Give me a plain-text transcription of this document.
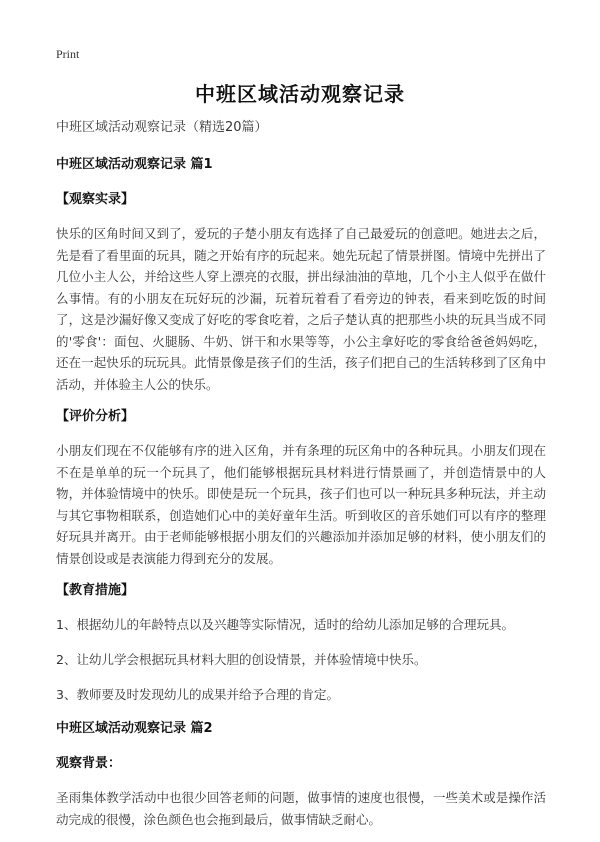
Print
中班区域活动观察记录
中班区域活动观察记录（精选20篇）
中班区域活动观察记录 篇1
【观察实录】
快乐的区角时间又到了，爱玩的子楚小朋友有选择了自己最爱玩的创意吧。她进去之后，先是看了看里面的玩具，随之开始有序的玩起来。她先玩起了情景拼图。情境中先拼出了几位小主人公，并给这些人穿上漂亮的衣服，拼出绿油油的草地，几个小主人似乎在做什么事情。有的小朋友在玩好玩的沙漏，玩着玩着看了看旁边的钟表，看来到吃饭的时间了，这是沙漏好像又变成了好吃的零食吃着，之后子楚认真的把那些小块的玩具当成不同的'零食'：面包、火腿肠、牛奶、饼干和水果等等，小公主拿好吃的零食给爸爸妈妈吃，还在一起快乐的玩玩具。此情景像是孩子们的生活，孩子们把自己的生活转移到了区角中活动，并体验主人公的快乐。
【评价分析】
小朋友们现在不仅能够有序的进入区角，并有条理的玩区角中的各种玩具。小朋友们现在不在是单单的玩一个玩具了，他们能够根据玩具材料进行情景画了，并创造情景中的人物，并体验情境中的快乐。即使是玩一个玩具，孩子们也可以一种玩具多种玩法，并主动与其它事物相联系，创造她们心中的美好童年生活。听到收区的音乐她们可以有序的整理好玩具并离开。由于老师能够根据小朋友们的兴趣添加并添加足够的材料，使小朋友们的情景创设或是表演能力得到充分的发展。
【教育措施】
1、根据幼儿的年龄特点以及兴趣等实际情况，适时的给幼儿添加足够的合理玩具。
2、让幼儿学会根据玩具材料大胆的创设情景，并体验情境中快乐。
3、教师要及时发现幼儿的成果并给予合理的肯定。
中班区域活动观察记录 篇2
观察背景：
圣雨集体教学活动中也很少回答老师的问题，做事情的速度也很慢，一些美术或是操作活动完成的很慢，涂色颜色也会拖到最后，做事情缺乏耐心。
